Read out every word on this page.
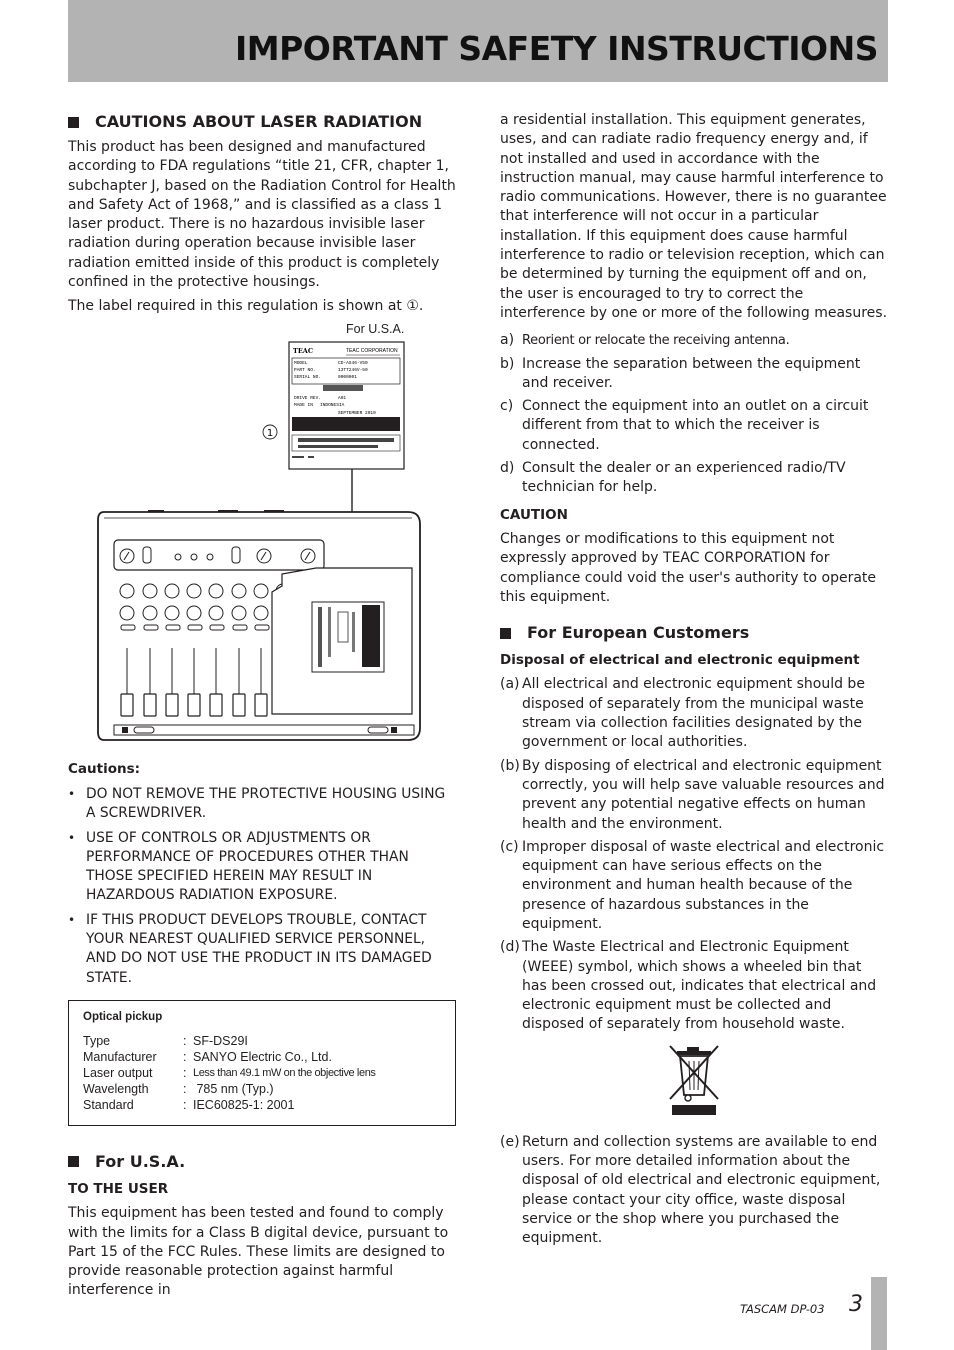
IMPORTANT SAFETY INSTRUCTIONS
CAUTIONS ABOUT LASER RADIATION

This product has been designed and manufactured according to FDA regulations “title 21, CFR, chapter 1, subchapter J, based on the Radiation Control for Health and Safety Act of 1968,” and is classified as a class 1 laser product. There is no hazardous invisible laser radiation during operation because invisible laser radiation emitted inside of this product is completely confined in the protective housings.

The label required in this regulation is shown at ①.

For U.S.A.
TEAC	TEAC CORPORATION
MODEL	CD-AS46-V50
PART NO.	13TT246V-50
SERIAL NO.	0000001
DRIVE REV.	A01
MADE IN INDONESIA
SEPTEMBER 2010
1
Cautions:
• DO NOT REMOVE THE PROTECTIVE HOUSING USING A SCREWDRIVER.
• USE OF CONTROLS OR ADJUSTMENTS OR PERFORMANCE OF PROCEDURES OTHER THAN THOSE SPECIFIED HEREIN MAY RESULT IN HAZARDOUS RADIATION EXPOSURE.
• IF THIS PRODUCT DEVELOPS TROUBLE, CONTACT YOUR NEAREST QUALIFIED SERVICE PERSONNEL, AND DO NOT USE THE PRODUCT IN ITS DAMAGED STATE.
Optical pickup
Type	: SF-DS29I
Manufacturer	: SANYO Electric Co., Ltd.
Laser output	: Less than 49.1 mW on the objective lens
Wavelength	: 785 nm (Typ.)
Standard	: IEC60825-1: 2001
For U.S.A.
TO THE USER

This equipment has been tested and found to comply with the limits for a Class B digital device, pursuant to Part 15 of the FCC Rules. These limits are designed to provide reasonable protection against harmful interference in

a residential installation. This equipment generates, uses, and can radiate radio frequency energy and, if not installed and used in accordance with the instruction manual, may cause harmful interference to radio communications. However, there is no guarantee that interference will not occur in a particular installation. If this equipment does cause harmful interference to radio or television reception, which can be determined by turning the equipment off and on, the user is encouraged to try to correct the interference by one or more of the following measures.

a) Reorient or relocate the receiving antenna.
b) Increase the separation between the equipment and receiver.
c) Connect the equipment into an outlet on a circuit different from that to which the receiver is connected.
d) Consult the dealer or an experienced radio/TV technician for help.
CAUTION

Changes or modifications to this equipment not expressly approved by TEAC CORPORATION for compliance could void the user's authority to operate this equipment.

For European Customers
Disposal of electrical and electronic equipment
(a) All electrical and electronic equipment should be disposed of separately from the municipal waste stream via collection facilities designated by the government or local authorities.
(b) By disposing of electrical and electronic equipment correctly, you will help save valuable resources and prevent any potential negative effects on human health and the environment.
(c) Improper disposal of waste electrical and electronic equipment can have serious effects on the environment and human health because of the presence of hazardous substances in the equipment.
(d) The Waste Electrical and Electronic Equipment (WEEE) symbol, which shows a wheeled bin that has been crossed out, indicates that electrical and electronic equipment must be collected and disposed of separately from household waste.
(e) Return and collection systems are available to end users. For more detailed information about the disposal of old electrical and electronic equipment, please contact your city office, waste disposal service or the shop where you purchased the equipment.
TASCAM DP-03 3
